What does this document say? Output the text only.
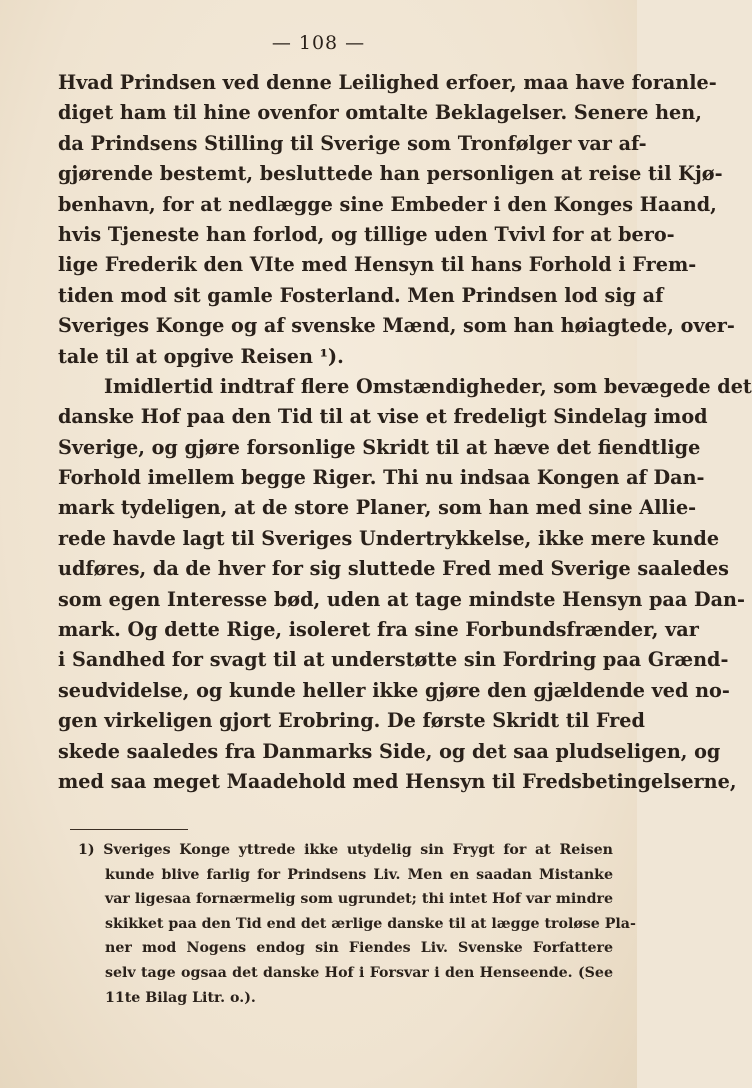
— 108 —
Hvad Prindsen ved denne Leilighed erfoer, maa have foranle-
diget ham til hine ovenfor omtalte Beklagelser. Senere hen,
da Prindsens Stilling til Sverige som Tronfølger var af-
gjørende bestemt, besluttede han personligen at reise til Kjø-
benhavn, for at nedlægge sine Embeder i den Konges Haand,
hvis Tjeneste han forlod, og tillige uden Tvivl for at bero-
lige Frederik den VIte med Hensyn til hans Forhold i Frem-
tiden mod sit gamle Fosterland. Men Prindsen lod sig af
Sveriges Konge og af svenske Mænd, som han høiagtede, over-
tale til at opgive Reisen ¹).
Imidlertid indtraf flere Omstændigheder, som bevægede det
danske Hof paa den Tid til at vise et fredeligt Sindelag imod
Sverige, og gjøre forsonlige Skridt til at hæve det fiendtlige
Forhold imellem begge Riger. Thi nu indsaa Kongen af Dan-
mark tydeligen, at de store Planer, som han med sine Allie-
rede havde lagt til Sveriges Undertrykkelse, ikke mere kunde
udføres, da de hver for sig sluttede Fred med Sverige saaledes
som egen Interesse bød, uden at tage mindste Hensyn paa Dan-
mark. Og dette Rige, isoleret fra sine Forbundsfrænder, var
i Sandhed for svagt til at understøtte sin Fordring paa Grænd-
seudvidelse, og kunde heller ikke gjøre den gjældende ved no-
gen virkeligen gjort Erobring. De første Skridt til Fred
skede saaledes fra Danmarks Side, og det saa pludseligen, og
med saa meget Maadehold med Hensyn til Fredsbetingelserne,
1) Sveriges Konge yttrede ikke utydelig sin Frygt for at Reisen
kunde blive farlig for Prindsens Liv. Men en saadan Mistanke
var ligesaa fornærmelig som ugrundet; thi intet Hof var mindre
skikket paa den Tid end det ærlige danske til at lægge troløse Pla-
ner mod Nogens endog sin Fiendes Liv. Svenske Forfattere
selv tage ogsaa det danske Hof i Forsvar i den Henseende. (See
11te Bilag Litr. o.).
